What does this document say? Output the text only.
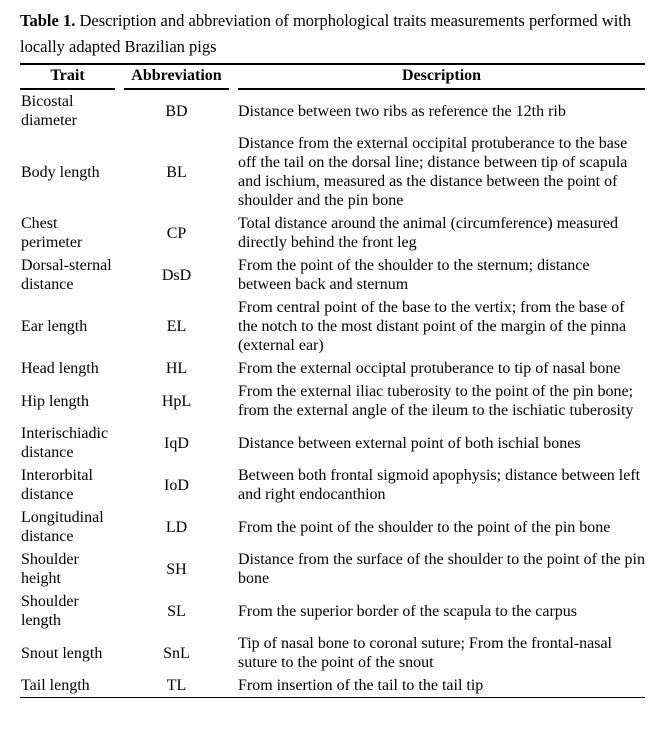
Table 1. Description and abbreviation of morphological traits measurements performed with locally adapted Brazilian pigs

Trait		Abbreviation		Description
Bicostal diameter		BD		Distance between two ribs as reference the 12th rib
Body length		BL		Distance from the external occipital protuberance to the base off the tail on the dorsal line; distance between tip of scapula and ischium, measured as the distance between the point of shoulder and the pin bone
Chest perimeter		CP		Total distance around the animal (circumference) measured directly behind the front leg
Dorsal-sternal distance		DsD		From the point of the shoulder to the sternum; distance between back and sternum
Ear length		EL		From central point of the base to the vertix; from the base of the notch to the most distant point of the margin of the pinna (external ear)
Head length		HL		From the external occiptal protuberance to tip of nasal bone
Hip length		HpL		From the external iliac tuberosity to the point of the pin bone; from the external angle of the ileum to the ischiatic tuberosity
Interischiadic distance		IqD		Distance between external point of both ischial bones
Interorbital distance		IoD		Between both frontal sigmoid apophysis; distance between left and right endocanthion
Longitudinal distance		LD		From the point of the shoulder to the point of the pin bone
Shoulder height		SH		Distance from the surface of the shoulder to the point of the pin bone
Shoulder length		SL		From the superior border of the scapula to the carpus
Snout length		SnL		Tip of nasal bone to coronal suture; From the frontal-nasal suture to the point of the snout
Tail length		TL		From insertion of the tail to the tail tip
